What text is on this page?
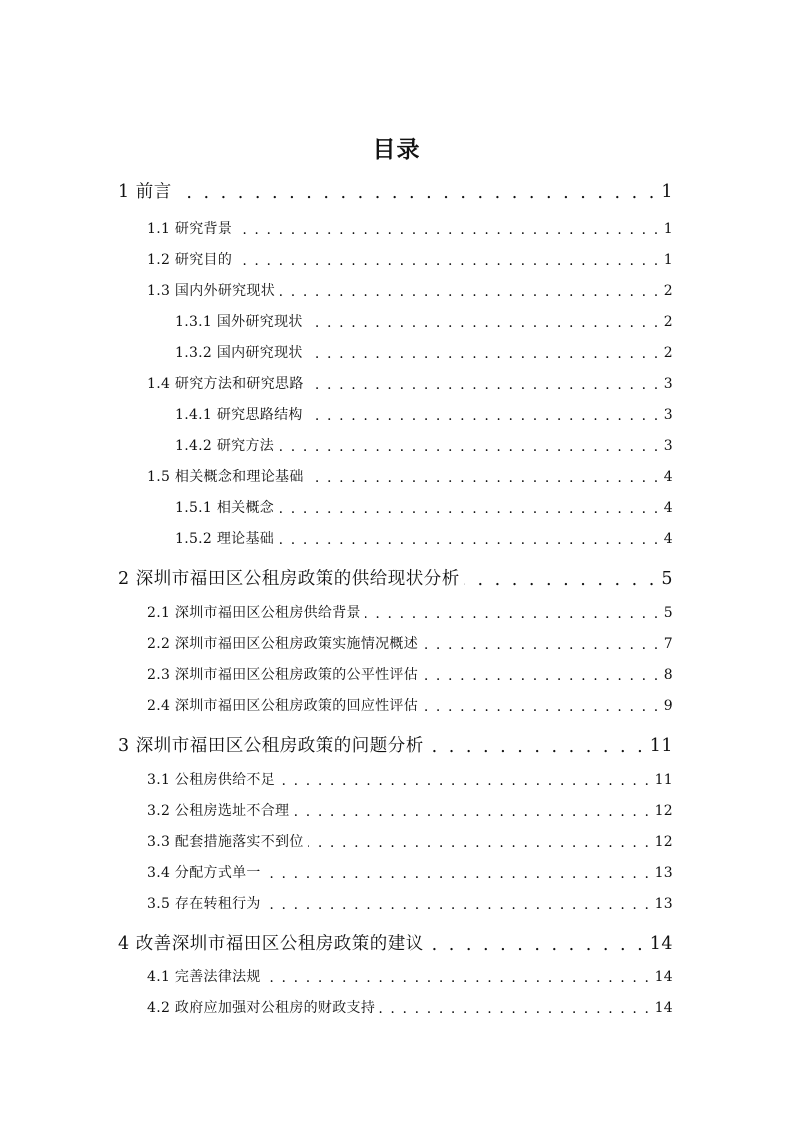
目录
1 前言 . . .	1
1.1 研究背景 . . .	1
1.2 研究目的 . . .	1
1.3 国内外研究现状 . . .	2
1.3.1 国外研究现状 . . .	2
1.3.2 国内研究现状 . . .	2
1.4 研究方法和研究思路 . . .	3
1.4.1 研究思路结构 . . .	3
1.4.2 研究方法 . . .	3
1.5 相关概念和理论基础 . . .	4
1.5.1 相关概念 . . .	4
1.5.2 理论基础 . . .	4
2 深圳市福田区公租房政策的供给现状分析 . . .	5
2.1 深圳市福田区公租房供给背景 . . .	5
2.2 深圳市福田区公租房政策实施情况概述 . . .	7
2.3 深圳市福田区公租房政策的公平性评估 . . .	8
2.4 深圳市福田区公租房政策的回应性评估 . . .	9
3 深圳市福田区公租房政策的问题分析 . . .	11
3.1 公租房供给不足 . . .	11
3.2 公租房选址不合理 . . .	12
3.3 配套措施落实不到位 . . .	12
3.4 分配方式单一 . . .	13
3.5 存在转租行为 . . .	13
4 改善深圳市福田区公租房政策的建议 . . .	14
4.1 完善法律法规 . . .	14
4.2 政府应加强对公租房的财政支持 . . .	14
